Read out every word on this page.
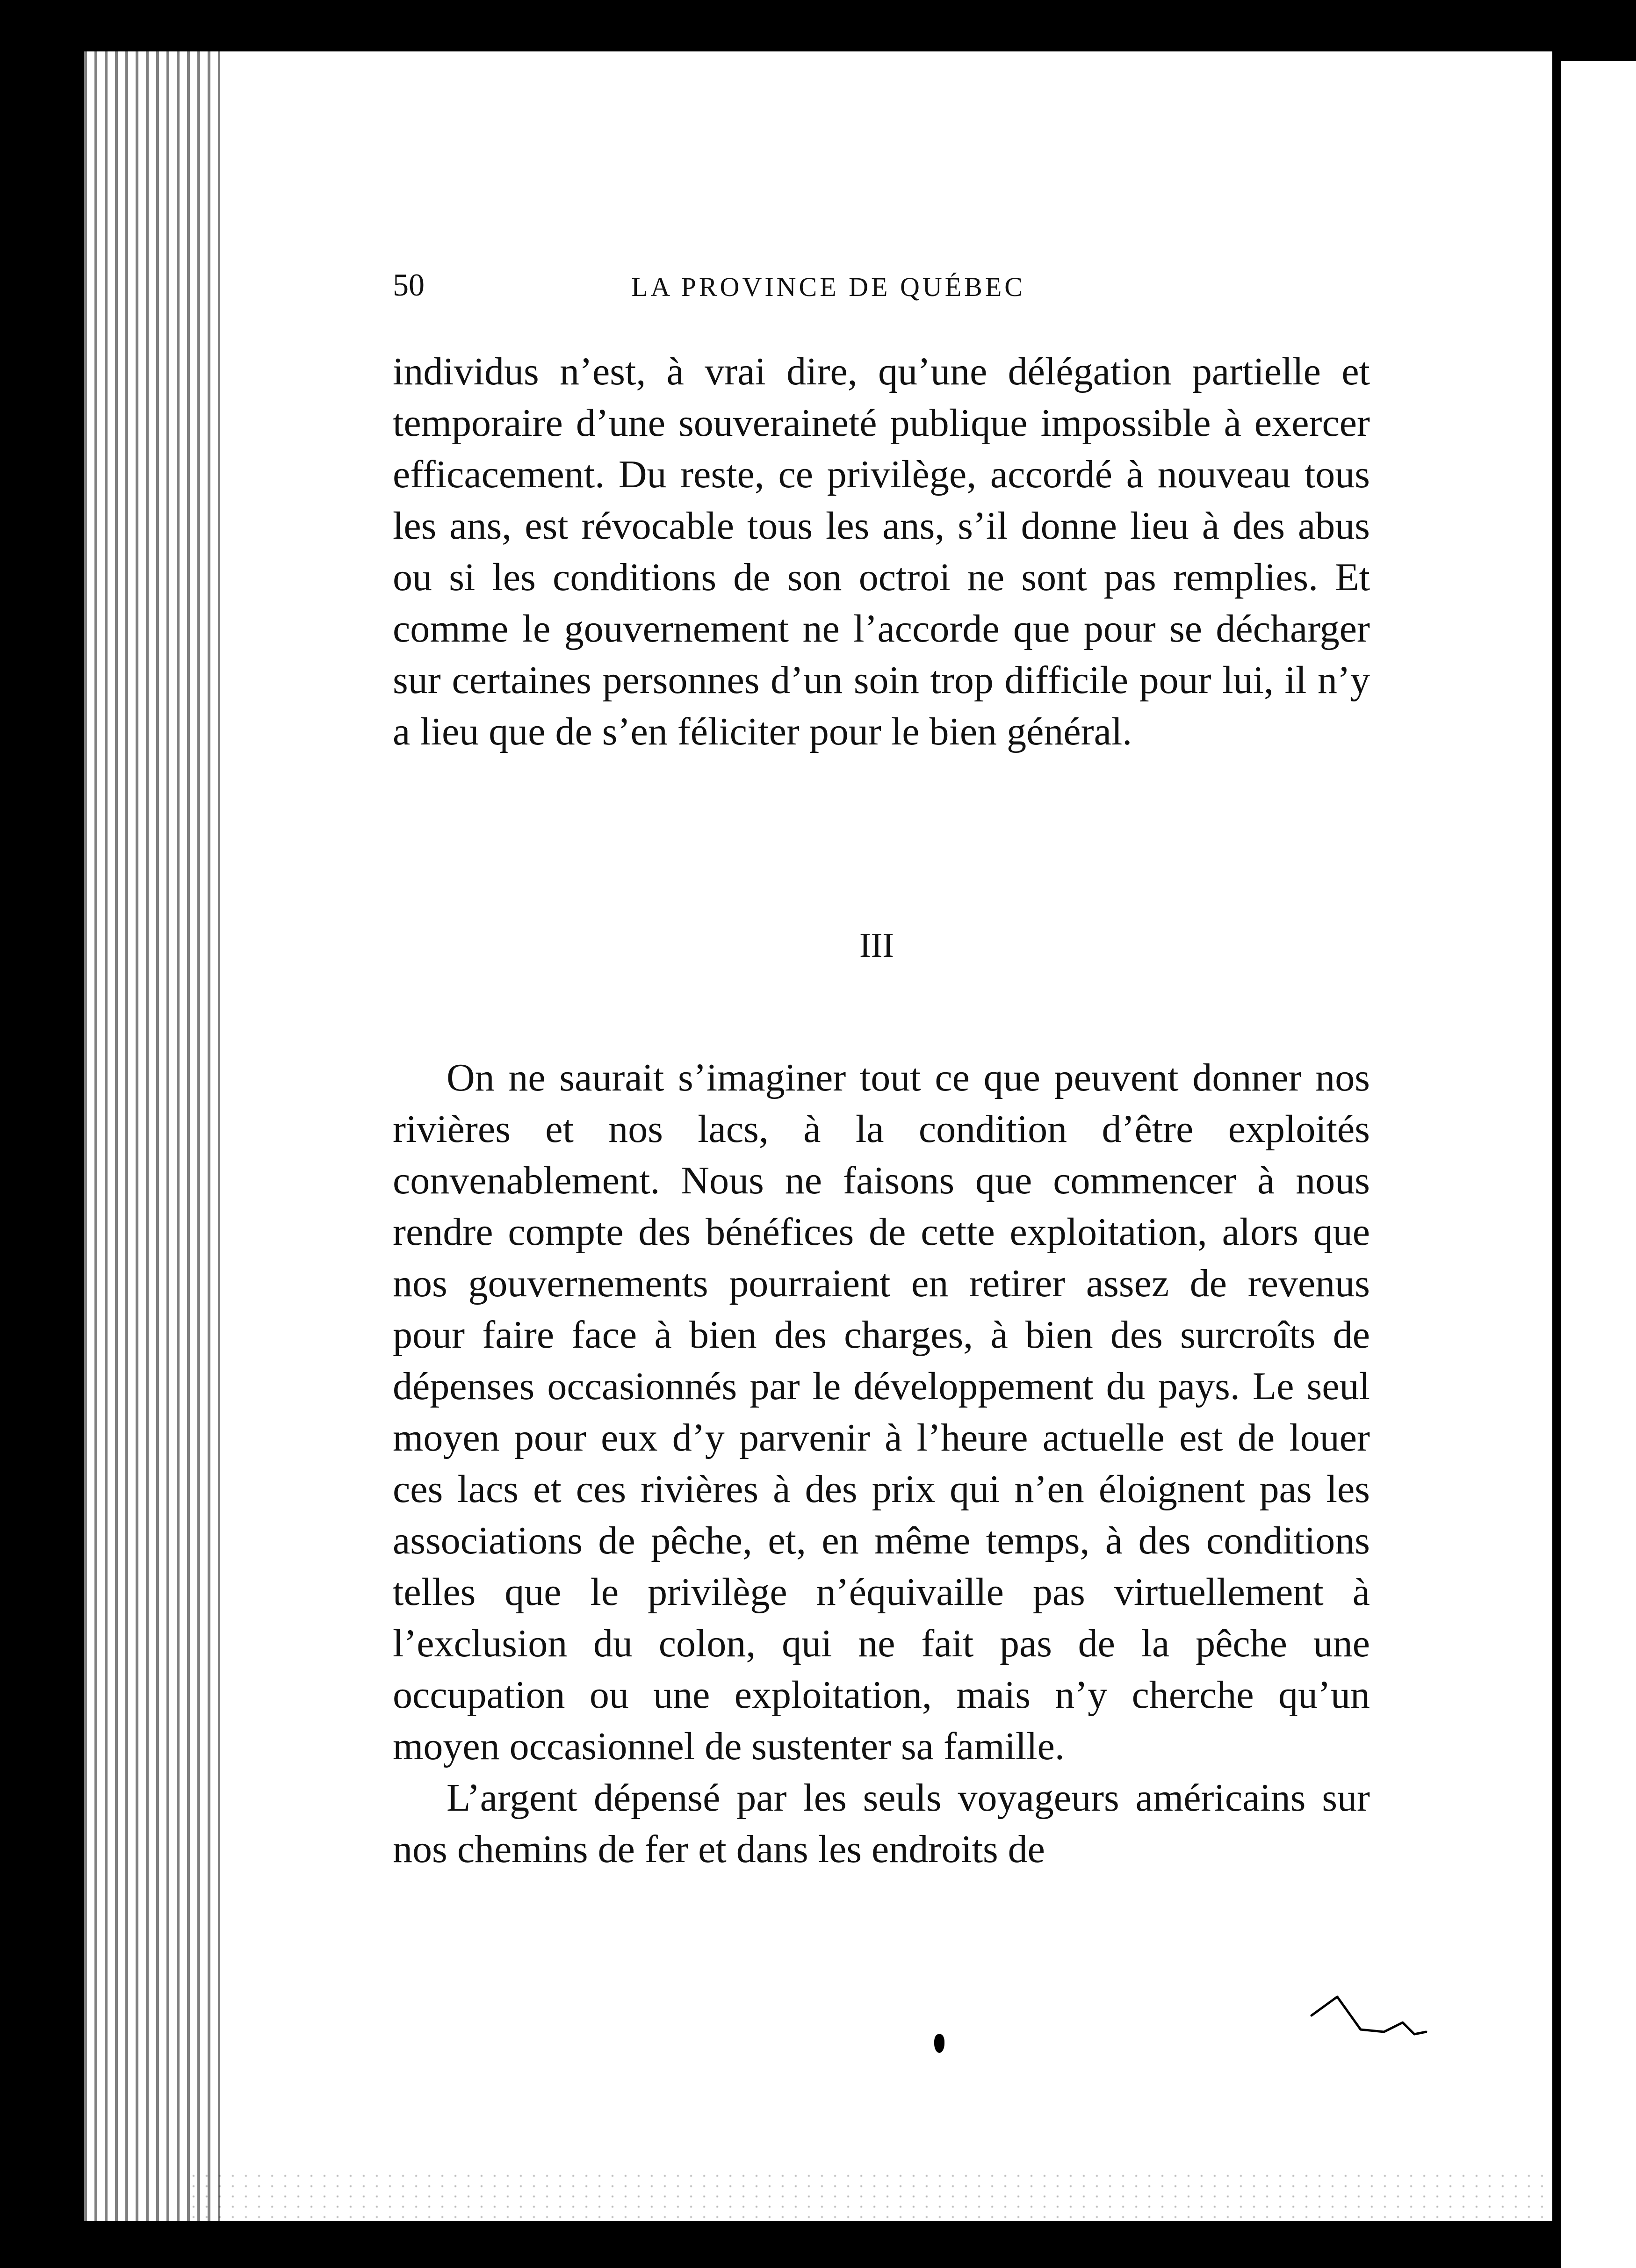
50	LA PROVINCE DE QUÉBEC

individus n’est, à vrai dire, qu’une délégation partielle et temporaire d’une souveraineté publique impossible à exercer efficacement. Du reste, ce privilège, accordé à nouveau tous les ans, est révocable tous les ans, s’il donne lieu à des abus ou si les conditions de son octroi ne sont pas remplies. Et comme le gouvernement ne l’accorde que pour se décharger sur certaines personnes d’un soin trop difficile pour lui, il n’y a lieu que de s’en féliciter pour le bien général.

III

On ne saurait s’imaginer tout ce que peuvent donner nos rivières et nos lacs, à la condition d’être exploités convenablement. Nous ne faisons que commencer à nous rendre compte des bénéfices de cette exploitation, alors que nos gouvernements pourraient en retirer assez de revenus pour faire face à bien des charges, à bien des surcroîts de dépenses occasionnés par le développement du pays. Le seul moyen pour eux d’y parvenir à l’heure actuelle est de louer ces lacs et ces rivières à des prix qui n’en éloignent pas les associations de pêche, et, en même temps, à des conditions telles que le privilège n’équivaille pas virtuellement à l’exclusion du colon, qui ne fait pas de la pêche une occupation ou une exploitation, mais n’y cherche qu’un moyen occasionnel de sustenter sa famille.

L’argent dépensé par les seuls voyageurs américains sur nos chemins de fer et dans les endroits de
